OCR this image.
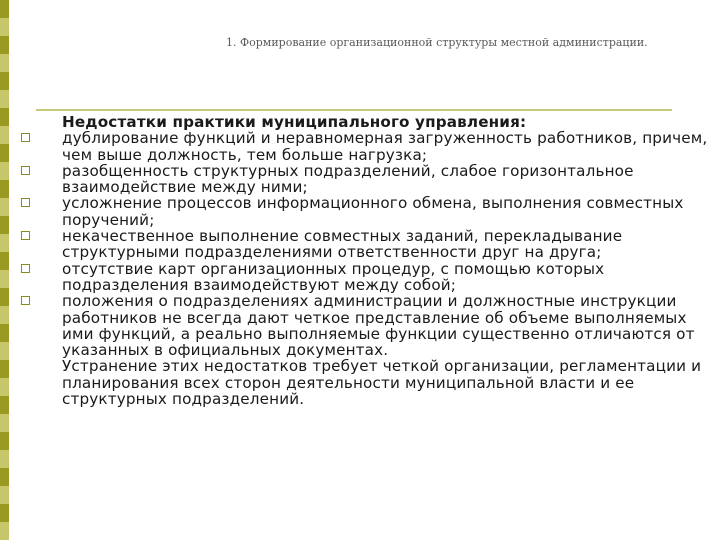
1. Формирование организационной структуры местной администрации.

Недостатки практики муниципального управления:

дублирование функций и неравномерная загруженность работников, причем, чем выше должность, тем больше нагрузка;

разобщенность структурных подразделений, слабое горизонтальное взаимодействие между ними;

усложнение процессов информационного обмена, выполнения совместных поручений;

некачественное выполнение совместных заданий, перекладывание структурными подразделениями ответственности друг на друга;

отсутствие карт организационных процедур, с помощью которых подразделения взаимодействуют между собой;

положения о подразделениях администрации и должностные инструкции работников не всегда дают четкое представление об объеме выполняемых ими функций, а реально выполняемые функции существенно отличаются от указанных в официальных документах.

Устранение этих недостатков требует четкой организации, регламентации и планирования всех сторон деятельности муниципальной власти и ее структурных подразделений.
